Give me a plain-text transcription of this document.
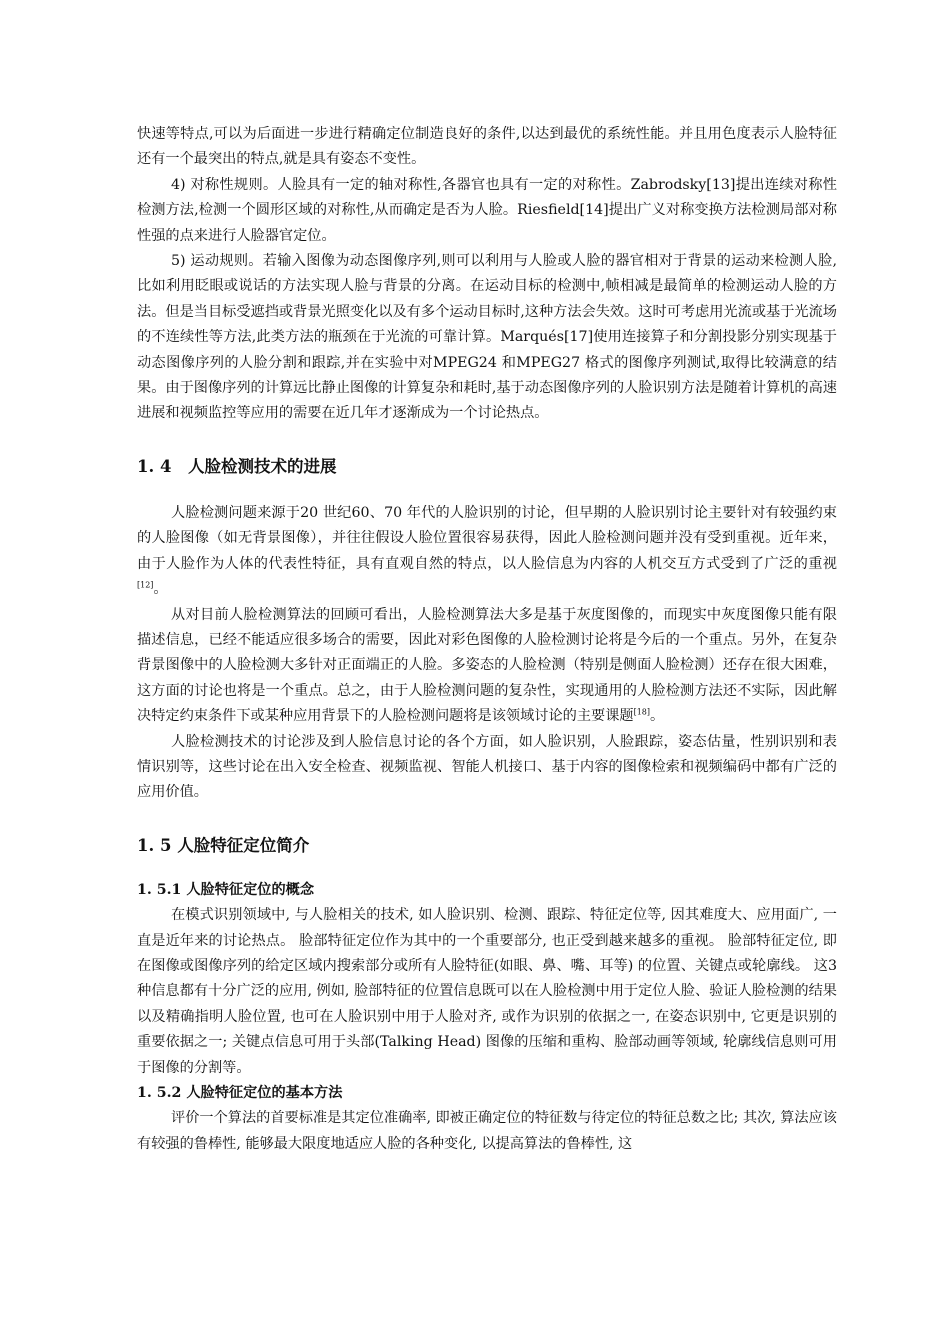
快速等特点,可以为后面进一步进行精确定位制造良好的条件,以达到最优的系统性能。并且用色度表示人脸特征还有一个最突出的特点,就是具有姿态不变性。

4) 对称性规则。人脸具有一定的轴对称性,各器官也具有一定的对称性。Zabrodsky[13]提出连续对称性检测方法,检测一个圆形区域的对称性,从而确定是否为人脸。Riesfield[14]提出广义对称变换方法检测局部对称性强的点来进行人脸器官定位。

5) 运动规则。若输入图像为动态图像序列,则可以利用与人脸或人脸的器官相对于背景的运动来检测人脸,比如利用眨眼或说话的方法实现人脸与背景的分离。在运动目标的检测中,帧相减是最简单的检测运动人脸的方法。但是当目标受遮挡或背景光照变化以及有多个运动目标时,这种方法会失效。这时可考虑用光流或基于光流场的不连续性等方法,此类方法的瓶颈在于光流的可靠计算。Marqués[17]使用连接算子和分割投影分别实现基于动态图像序列的人脸分割和跟踪,并在实验中对MPEG24 和MPEG27 格式的图像序列测试,取得比较满意的结果。由于图像序列的计算远比静止图像的计算复杂和耗时,基于动态图像序列的人脸识别方法是随着计算机的高速进展和视频监控等应用的需要在近几年才逐渐成为一个讨论热点。

1. 4　人脸检测技术的进展

人脸检测问题来源于20 世纪60、70 年代的人脸识别的讨论，但早期的人脸识别讨论主要针对有较强约束的人脸图像（如无背景图像），并往往假设人脸位置很容易获得，因此人脸检测问题并没有受到重视。近年来，由于人脸作为人体的代表性特征，具有直观自然的特点，以人脸信息为内容的人机交互方式受到了广泛的重视[12]。

从对目前人脸检测算法的回顾可看出，人脸检测算法大多是基于灰度图像的，而现实中灰度图像只能有限描述信息，已经不能适应很多场合的需要，因此对彩色图像的人脸检测讨论将是今后的一个重点。另外，在复杂背景图像中的人脸检测大多针对正面端正的人脸。多姿态的人脸检测（特别是侧面人脸检测）还存在很大困难，这方面的讨论也将是一个重点。总之，由于人脸检测问题的复杂性，实现通用的人脸检测方法还不实际，因此解决特定约束条件下或某种应用背景下的人脸检测问题将是该领域讨论的主要课题[18]。

人脸检测技术的讨论涉及到人脸信息讨论的各个方面，如人脸识别，人脸跟踪，姿态估量，性别识别和表情识别等，这些讨论在出入安全检查、视频监视、智能人机接口、基于内容的图像检索和视频编码中都有广泛的应用价值。

1. 5 人脸特征定位简介
1. 5.1 人脸特征定位的概念

在模式识别领域中, 与人脸相关的技术, 如人脸识别、检测、跟踪、特征定位等, 因其难度大、应用面广, 一直是近年来的讨论热点。 脸部特征定位作为其中的一个重要部分, 也正受到越来越多的重视。 脸部特征定位, 即在图像或图像序列的给定区域内搜索部分或所有人脸特征(如眼、鼻、嘴、耳等) 的位置、关键点或轮廓线。 这3 种信息都有十分广泛的应用, 例如, 脸部特征的位置信息既可以在人脸检测中用于定位人脸、验证人脸检测的结果以及精确指明人脸位置, 也可在人脸识别中用于人脸对齐, 或作为识别的依据之一, 在姿态识别中, 它更是识别的重要依据之一; 关键点信息可用于头部(Talking Head) 图像的压缩和重构、脸部动画等领域, 轮廓线信息则可用于图像的分割等。

1. 5.2 人脸特征定位的基本方法

评价一个算法的首要标准是其定位准确率, 即被正确定位的特征数与待定位的特征总数之比; 其次, 算法应该有较强的鲁棒性, 能够最大限度地适应人脸的各种变化, 以提高算法的鲁棒性, 这
